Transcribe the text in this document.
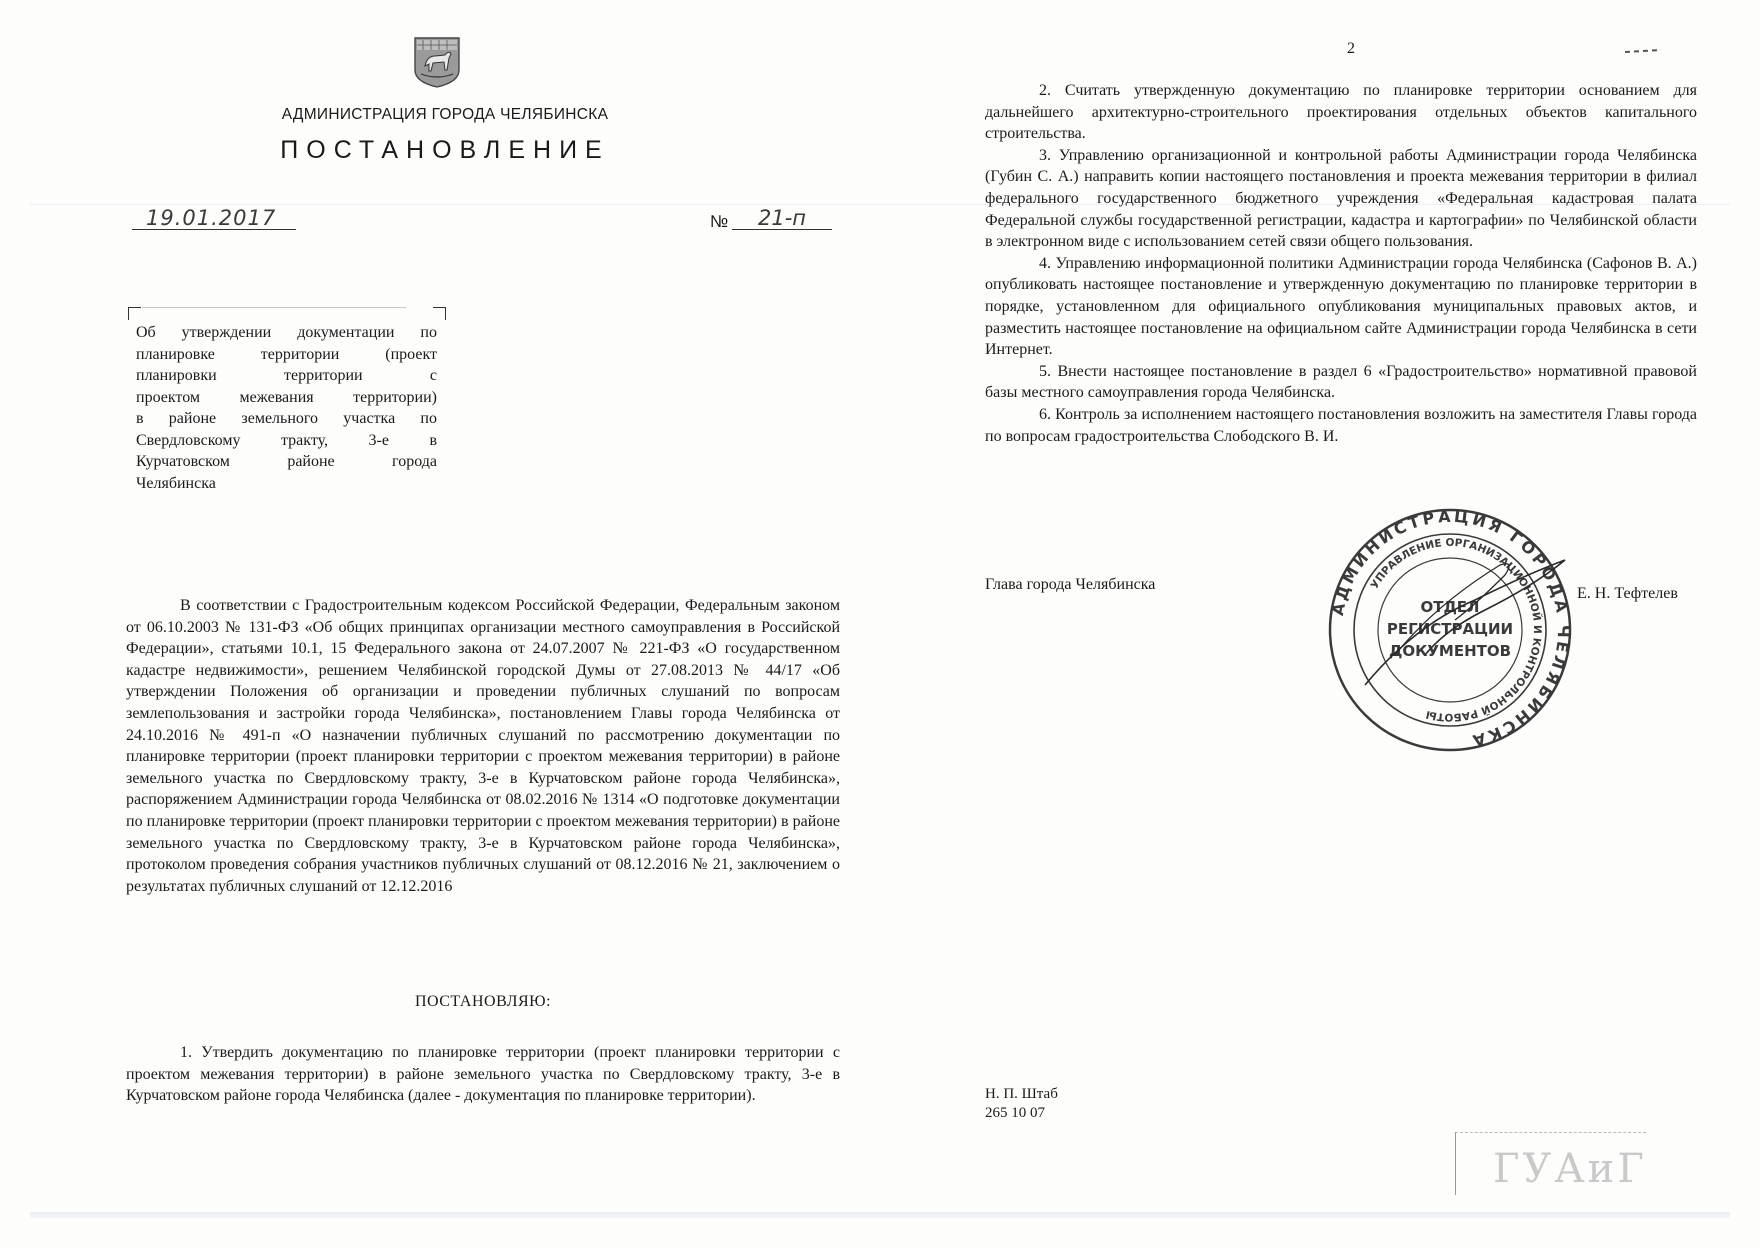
АДМИНИСТРАЦИЯ ГОРОДА ЧЕЛЯБИНСКА
ПОСТАНОВЛЕНИЕ
19.01.2017	№	21-п
Об утверждении документации по
планировке территории (проект
планировки территории с
проектом межевания территории)
в районе земельного участка по
Свердловскому тракту, 3-е в
Курчатовском районе города
Челябинска

В соответствии с Градостроительным кодексом Российской Федерации, Федеральным законом от 06.10.2003 № 131-ФЗ «Об общих принципах организации местного самоуправления в Российской Федерации», статьями 10.1, 15 Федерального закона от 24.07.2007 № 221-ФЗ «О государственном кадастре недвижимости», решением Челябинской городской Думы от 27.08.2013 № 44/17 «Об утверждении Положения об организации и проведении публичных слушаний по вопросам землепользования и застройки города Челябинска», постановлением Главы города Челябинска от 24.10.2016 № 491-п «О назначении публичных слушаний по рассмотрению документации по планировке территории (проект планировки территории с проектом межевания территории) в районе земельного участка по Свердловскому тракту, 3-е в Курчатовском районе города Челябинска», распоряжением Администрации города Челябинска от 08.02.2016 № 1314 «О подготовке документации по планировке территории (проект планировки территории с проектом межевания территории) в районе земельного участка по Свердловскому тракту, 3-е в Курчатовском районе города Челябинска», протоколом проведения собрания участников публичных слушаний от 08.12.2016 № 21, заключением о результатах публичных слушаний от 12.12.2016

ПОСТАНОВЛЯЮ:

1. Утвердить документацию по планировке территории (проект планировки территории с проектом межевания территории) в районе земельного участка по Свердловскому тракту, 3-е в Курчатовском районе города Челябинска (далее - документация по планировке территории).

2

2. Считать утвержденную документацию по планировке территории основанием для дальнейшего архитектурно-строительного проектирования отдельных объектов капитального строительства.

3. Управлению организационной и контрольной работы Администрации города Челябинска (Губин С. А.) направить копии настоящего постановления и проекта межевания территории в филиал федерального государственного бюджетного учреждения «Федеральная кадастровая палата Федеральной службы государственной регистрации, кадастра и картографии» по Челябинской области в электронном виде с использованием сетей связи общего пользования.

4. Управлению информационной политики Администрации города Челябинска (Сафонов В. А.) опубликовать настоящее постановление и утвержденную документацию по планировке территории в порядке, установленном для официального опубликования муниципальных правовых актов, и разместить настоящее постановление на официальном сайте Администрации города Челябинска в сети Интернет.

5. Внести настоящее постановление в раздел 6 «Градостроительство» нормативной правовой базы местного самоуправления города Челябинска.

6. Контроль за исполнением настоящего постановления возложить на заместителя Главы города по вопросам градостроительства Слободского В. И.

Глава города Челябинска
АДМИНИСТРАЦИЯ ГОРОДА ЧЕЛЯБИНСКА
УПРАВЛЕНИЕ ОРГАНИЗАЦИОННОЙ И КОНТРОЛЬНОЙ РАБОТЫ
ОТДЕЛ
РЕГИСТРАЦИИ
ДОКУМЕНТОВ
Е. Н. Тефтелев
Н. П. Штаб
265 10 07
ГУАиГ
